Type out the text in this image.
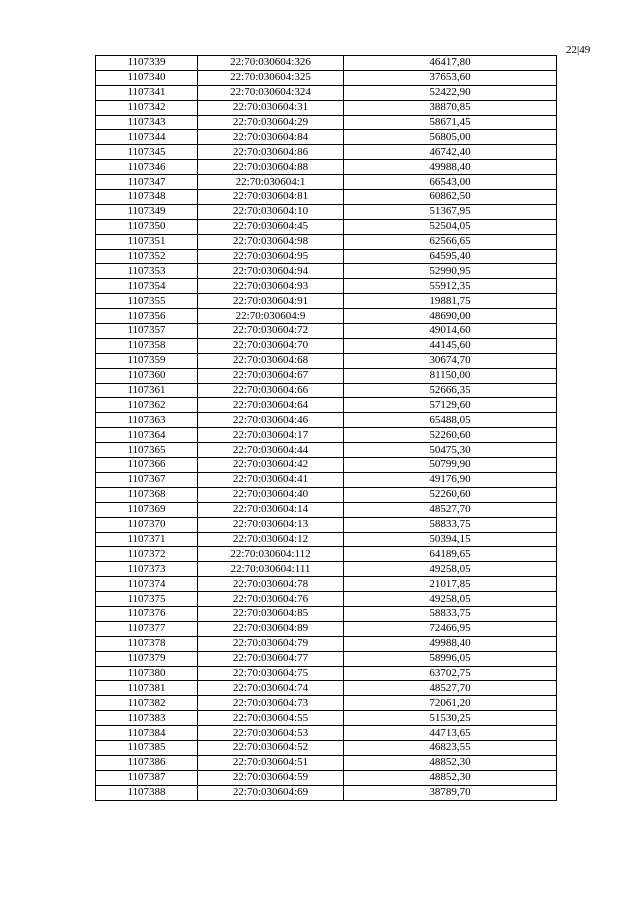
22|49
1107339	22:70:030604:326	46417,80
1107340	22:70:030604:325	37653,60
1107341	22:70:030604:324	52422,90
1107342	22:70:030604:31	38870,85
1107343	22:70:030604:29	58671,45
1107344	22:70:030604:84	56805,00
1107345	22:70:030604:86	46742,40
1107346	22:70:030604:88	49988,40
1107347	22:70:030604:1	66543,00
1107348	22:70:030604:81	60862,50
1107349	22:70:030604:10	51367,95
1107350	22:70:030604:45	52504,05
1107351	22:70:030604:98	62566,65
1107352	22:70:030604:95	64595,40
1107353	22:70:030604:94	52990,95
1107354	22:70:030604:93	55912,35
1107355	22:70:030604:91	19881,75
1107356	22:70:030604:9	48690,00
1107357	22:70:030604:72	49014,60
1107358	22:70:030604:70	44145,60
1107359	22:70:030604:68	30674,70
1107360	22:70:030604:67	81150,00
1107361	22:70:030604:66	52666,35
1107362	22:70:030604:64	57129,60
1107363	22:70:030604:46	65488,05
1107364	22:70:030604:17	52260,60
1107365	22:70:030604:44	50475,30
1107366	22:70:030604:42	50799,90
1107367	22:70:030604:41	49176,90
1107368	22:70:030604:40	52260,60
1107369	22:70:030604:14	48527,70
1107370	22:70:030604:13	58833,75
1107371	22:70:030604:12	50394,15
1107372	22:70:030604:112	64189,65
1107373	22:70:030604:111	49258,05
1107374	22:70:030604:78	21017,85
1107375	22:70:030604:76	49258,05
1107376	22:70:030604:85	58833,75
1107377	22:70:030604:89	72466,95
1107378	22:70:030604:79	49988,40
1107379	22:70:030604:77	58996,05
1107380	22:70:030604:75	63702,75
1107381	22:70:030604:74	48527,70
1107382	22:70:030604:73	72061,20
1107383	22:70:030604:55	51530,25
1107384	22:70:030604:53	44713,65
1107385	22:70:030604:52	46823,55
1107386	22:70:030604:51	48852,30
1107387	22:70:030604:59	48852,30
1107388	22:70:030604:69	38789,70
